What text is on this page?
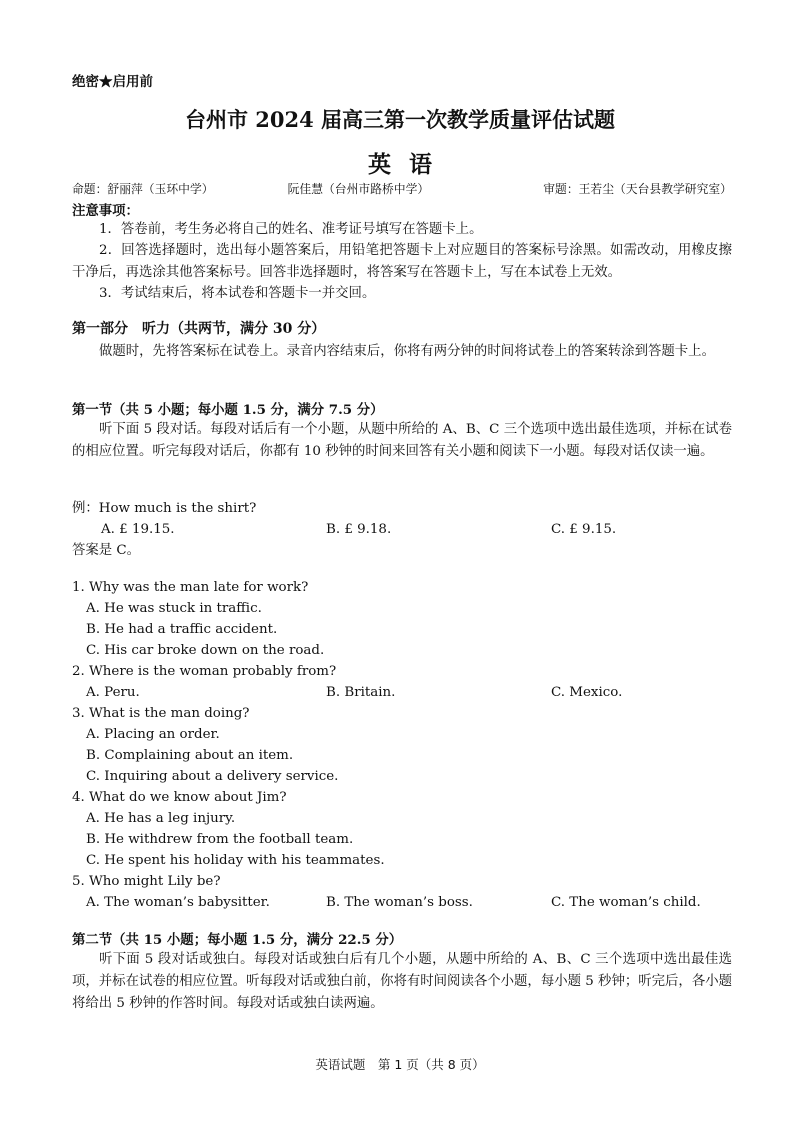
绝密★启用前
台州市 2024 届高三第一次教学质量评估试题
英语
命题：舒丽萍（玉环中学）	阮佳慧（台州市路桥中学）	审题：王若尘（天台县教学研究室）
注意事项：
1．答卷前，考生务必将自己的姓名、准考证号填写在答题卡上。
2．回答选择题时，选出每小题答案后，用铅笔把答题卡上对应题目的答案标号涂黑。如需改动，用橡皮擦干净后，再选涂其他答案标号。回答非选择题时，将答案写在答题卡上，写在本试卷上无效。
3．考试结束后，将本试卷和答题卡一并交回。
第一部分　听力（共两节，满分 30 分）
做题时，先将答案标在试卷上。录音内容结束后，你将有两分钟的时间将试卷上的答案转涂到答题卡上。
第一节（共 5 小题；每小题 1.5 分，满分 7.5 分）
听下面 5 段对话。每段对话后有一个小题，从题中所给的 A、B、C 三个选项中选出最佳选项，并标在试卷的相应位置。听完每段对话后，你都有 10 秒钟的时间来回答有关小题和阅读下一小题。每段对话仅读一遍。
例：How much is the shirt?
A. £ 19.15.	B. £ 9.18.	C. £ 9.15.
答案是 C。
1. Why was the man late for work?
A. He was stuck in traffic.
B. He had a traffic accident.
C. His car broke down on the road.
2. Where is the woman probably from?
A. Peru.	B. Britain.	C. Mexico.
3. What is the man doing?
A. Placing an order.
B. Complaining about an item.
C. Inquiring about a delivery service.
4. What do we know about Jim?
A. He has a leg injury.
B. He withdrew from the football team.
C. He spent his holiday with his teammates.
5. Who might Lily be?
A. The woman’s babysitter.	B. The woman’s boss.	C. The woman’s child.
第二节（共 15 小题；每小题 1.5 分，满分 22.5 分）
听下面 5 段对话或独白。每段对话或独白后有几个小题，从题中所给的 A、B、C 三个选项中选出最佳选项，并标在试卷的相应位置。听每段对话或独白前，你将有时间阅读各个小题，每小题 5 秒钟；听完后，各小题将给出 5 秒钟的作答时间。每段对话或独白读两遍。
英语试题　第 1 页（共 8 页）
